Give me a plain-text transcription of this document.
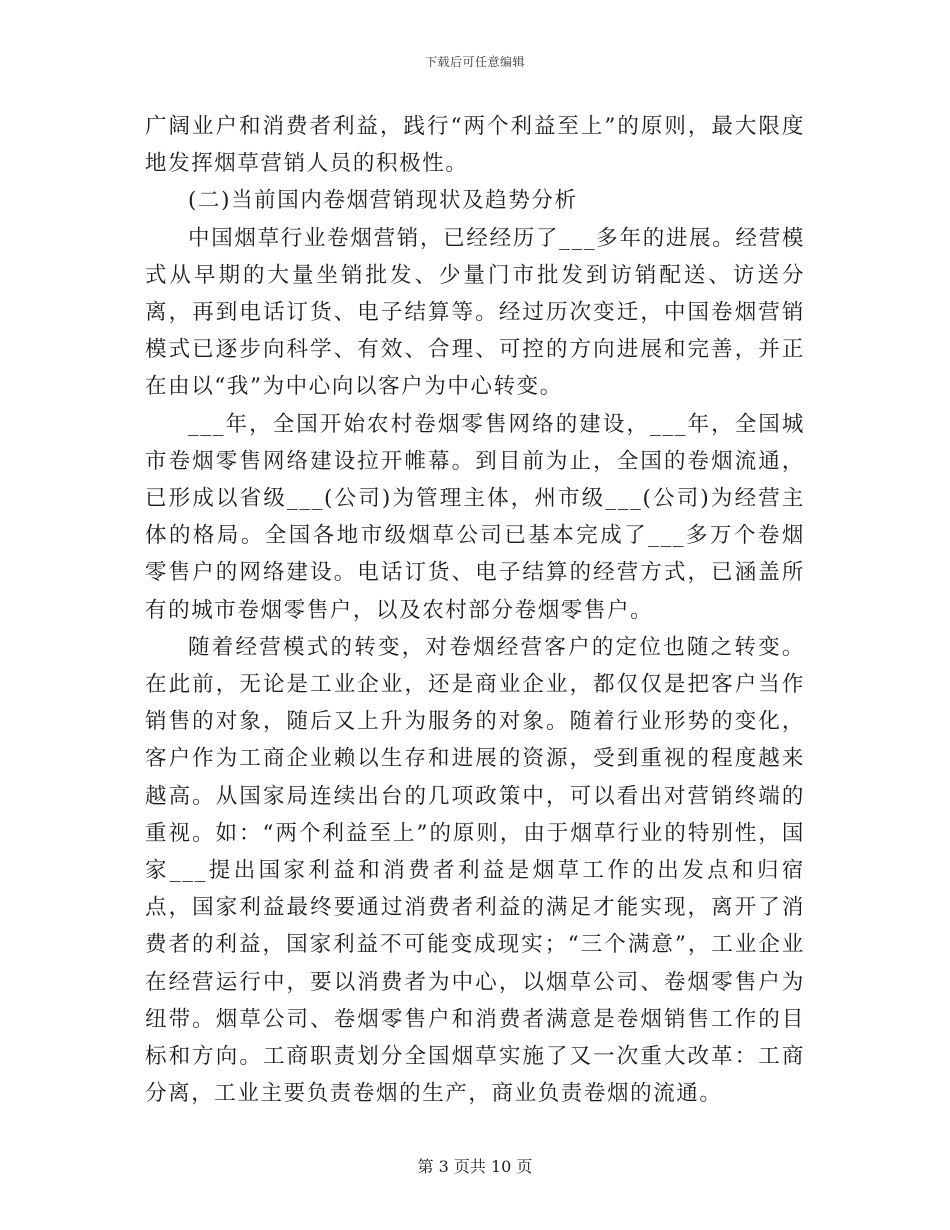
下载后可任意编辑

广阔业户和消费者利益，践行“两个利益至上”的原则，最大限度地发挥烟草营销人员的积极性。

(二)当前国内卷烟营销现状及趋势分析

中国烟草行业卷烟营销，已经经历了___多年的进展。经营模式从早期的大量坐销批发、少量门市批发到访销配送、访送分离，再到电话订货、电子结算等。经过历次变迁，中国卷烟营销模式已逐步向科学、有效、合理、可控的方向进展和完善，并正在由以“我”为中心向以客户为中心转变。

___年，全国开始农村卷烟零售网络的建设，___年，全国城市卷烟零售网络建设拉开帷幕。到目前为止，全国的卷烟流通，已形成以省级___(公司)为管理主体，州市级___(公司)为经营主体的格局。全国各地市级烟草公司已基本完成了___多万个卷烟零售户的网络建设。电话订货、电子结算的经营方式，已涵盖所有的城市卷烟零售户，以及农村部分卷烟零售户。

随着经营模式的转变，对卷烟经营客户的定位也随之转变。在此前，无论是工业企业，还是商业企业，都仅仅是把客户当作销售的对象，随后又上升为服务的对象。随着行业形势的变化，客户作为工商企业赖以生存和进展的资源，受到重视的程度越来越高。从国家局连续出台的几项政策中，可以看出对营销终端的重视。如：“两个利益至上”的原则，由于烟草行业的特别性，国家___提出国家利益和消费者利益是烟草工作的出发点和归宿点，国家利益最终要通过消费者利益的满足才能实现，离开了消费者的利益，国家利益不可能变成现实；“三个满意”，工业企业在经营运行中，要以消费者为中心，以烟草公司、卷烟零售户为纽带。烟草公司、卷烟零售户和消费者满意是卷烟销售工作的目标和方向。工商职责划分全国烟草实施了又一次重大改革：工商分离，工业主要负责卷烟的生产，商业负责卷烟的流通。

第 3 页共 10 页
